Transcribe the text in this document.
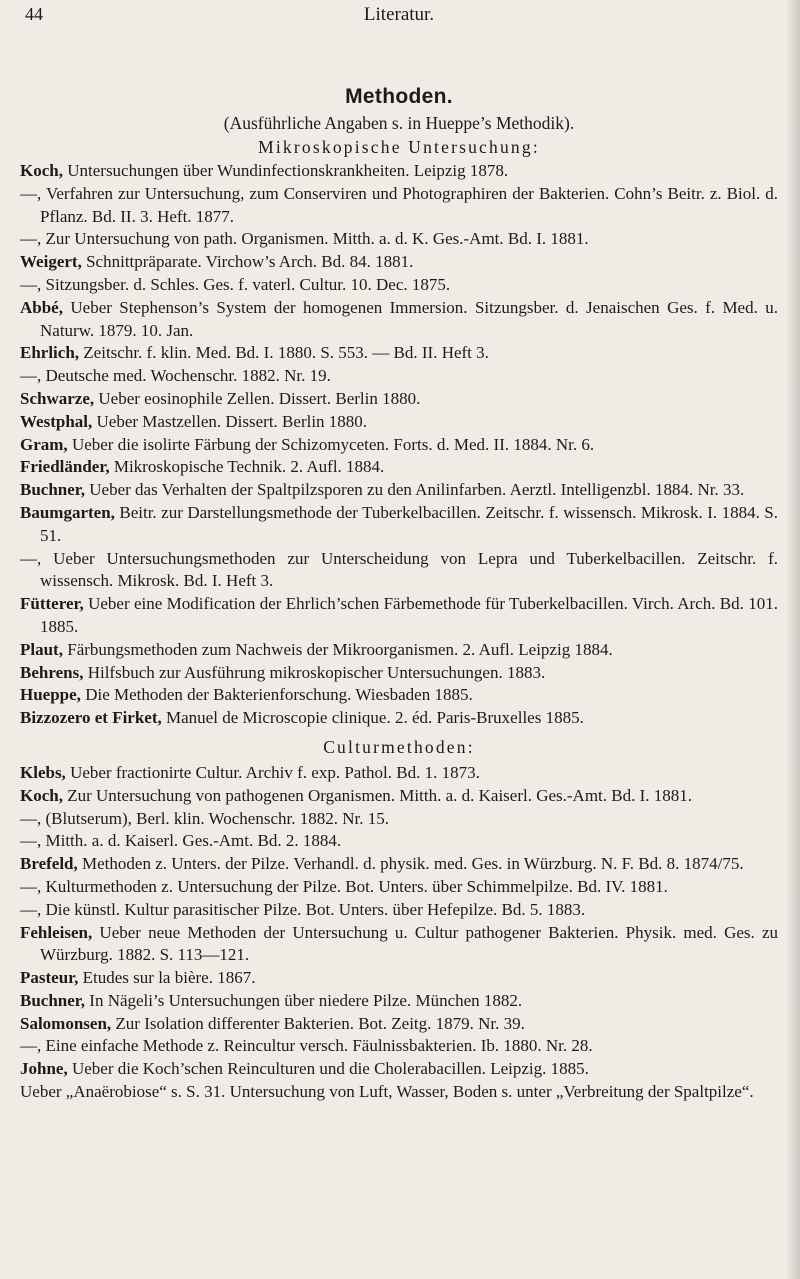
44	Literatur.
Methoden.
(Ausführliche Angaben s. in Hueppe’s Methodik).
Mikroskopische Untersuchung:

Koch, Untersuchungen über Wundinfectionskrankheiten. Leipzig 1878.

—, Verfahren zur Untersuchung, zum Conserviren und Photographiren der Bakterien. Cohn’s Beitr. z. Biol. d. Pflanz. Bd. II. 3. Heft. 1877.

—, Zur Untersuchung von path. Organismen. Mitth. a. d. K. Ges.-Amt. Bd. I. 1881.

Weigert, Schnittpräparate. Virchow’s Arch. Bd. 84. 1881.

—, Sitzungsber. d. Schles. Ges. f. vaterl. Cultur. 10. Dec. 1875.

Abbé, Ueber Stephenson’s System der homogenen Immersion. Sitzungsber. d. Jenaischen Ges. f. Med. u. Naturw. 1879. 10. Jan.

Ehrlich, Zeitschr. f. klin. Med. Bd. I. 1880. S. 553. — Bd. II. Heft 3.

—, Deutsche med. Wochenschr. 1882. Nr. 19.

Schwarze, Ueber eosinophile Zellen. Dissert. Berlin 1880.

Westphal, Ueber Mastzellen. Dissert. Berlin 1880.

Gram, Ueber die isolirte Färbung der Schizomyceten. Forts. d. Med. II. 1884. Nr. 6.

Friedländer, Mikroskopische Technik. 2. Aufl. 1884.

Buchner, Ueber das Verhalten der Spaltpilzsporen zu den Anilinfarben. Aerztl. Intelligenzbl. 1884. Nr. 33.

Baumgarten, Beitr. zur Darstellungsmethode der Tuberkelbacillen. Zeitschr. f. wissensch. Mikrosk. I. 1884. S. 51.

—, Ueber Untersuchungsmethoden zur Unterscheidung von Lepra und Tuberkelbacillen. Zeitschr. f. wissensch. Mikrosk. Bd. I. Heft 3.

Fütterer, Ueber eine Modification der Ehrlich’schen Färbemethode für Tuberkelbacillen. Virch. Arch. Bd. 101. 1885.

Plaut, Färbungsmethoden zum Nachweis der Mikroorganismen. 2. Aufl. Leipzig 1884.

Behrens, Hilfsbuch zur Ausführung mikroskopischer Untersuchungen. 1883.

Hueppe, Die Methoden der Bakterienforschung. Wiesbaden 1885.

Bizzozero et Firket, Manuel de Microscopie clinique. 2. éd. Paris-Bruxelles 1885.

Culturmethoden:

Klebs, Ueber fractionirte Cultur. Archiv f. exp. Pathol. Bd. 1. 1873.

Koch, Zur Untersuchung von pathogenen Organismen. Mitth. a. d. Kaiserl. Ges.-Amt. Bd. I. 1881.

—, (Blutserum), Berl. klin. Wochenschr. 1882. Nr. 15.

—, Mitth. a. d. Kaiserl. Ges.-Amt. Bd. 2. 1884.

Brefeld, Methoden z. Unters. der Pilze. Verhandl. d. physik. med. Ges. in Würzburg. N. F. Bd. 8. 1874/75.

—, Kulturmethoden z. Untersuchung der Pilze. Bot. Unters. über Schimmelpilze. Bd. IV. 1881.

—, Die künstl. Kultur parasitischer Pilze. Bot. Unters. über Hefepilze. Bd. 5. 1883.

Fehleisen, Ueber neue Methoden der Untersuchung u. Cultur pathogener Bakterien. Physik. med. Ges. zu Würzburg. 1882. S. 113—121.

Pasteur, Etudes sur la bière. 1867.

Buchner, In Nägeli’s Untersuchungen über niedere Pilze. München 1882.

Salomonsen, Zur Isolation differenter Bakterien. Bot. Zeitg. 1879. Nr. 39.

—, Eine einfache Methode z. Reincultur versch. Fäulnissbakterien. Ib. 1880. Nr. 28.

Johne, Ueber die Koch’schen Reinculturen und die Cholerabacillen. Leipzig. 1885.

Ueber „Anaërobiose“ s. S. 31. Untersuchung von Luft, Wasser, Boden s. unter „Verbreitung der Spaltpilze“.
